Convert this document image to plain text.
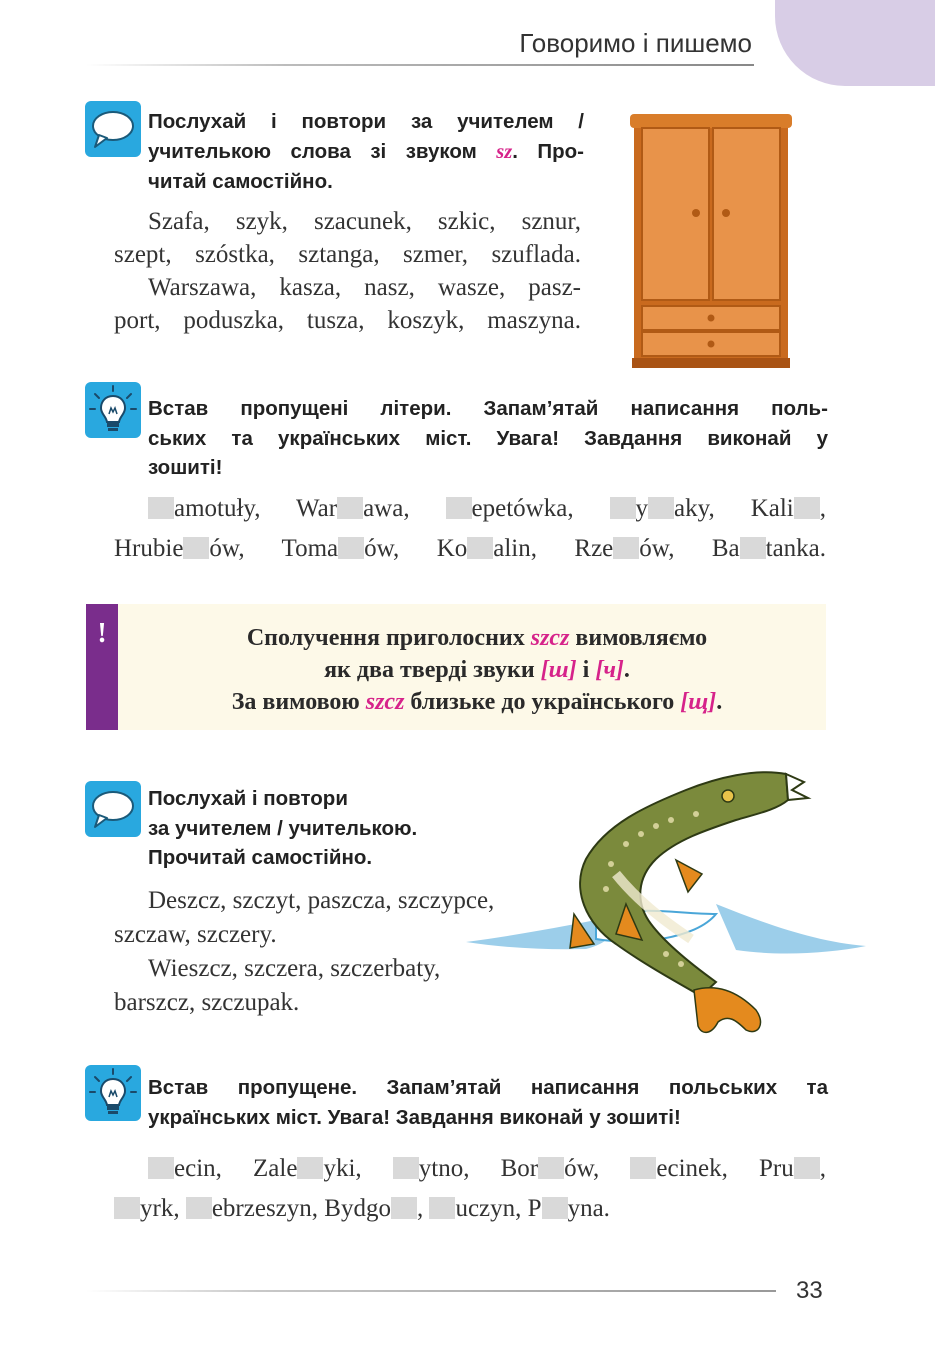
Говоримо і пишемо
Послухай і повтори за учителем /
учителькою слова зі звуком sz. Про-
читай самостійно.
Szafa, szyk, szacunek, szkic, sznur,
szept, szóstka, sztanga, szmer, szuflada.
Warszawa, kasza, nasz, wasze, pasz-
port, poduszka, tusza, koszyk, maszyna.
Встав пропущені літери. Запам’ятай написання поль-
ських та українських міст. Увага! Завдання виконай у
зошиті!
amotuły, War awa, epetówka, y aky, Kali ,
Hrubie ów, Toma ów, Ko alin, Rze ów, Ba tanka.
!	Сполучення приголосних szcz вимовляємо
як два тверді звуки [ш] і [ч].
За вимовою szcz близьке до українського [щ].
Послухай і повтори
за учителем / учителькою.
Прочитай самостійно.
Deszcz, szczyt, paszcza, szczypce,
szczaw, szczery.
Wieszcz, szczera, szczerbaty,
barszcz, szczupak.
Встав пропущене. Запам’ятай написання польських та
українських міст. Увага! Завдання виконай у зошиті!
ecin, Zale yki, ytno, Bor ów, ecinek, Pru ,
yrk, ebrzeszyn, Bydgo , uczyn, P yna.
33
